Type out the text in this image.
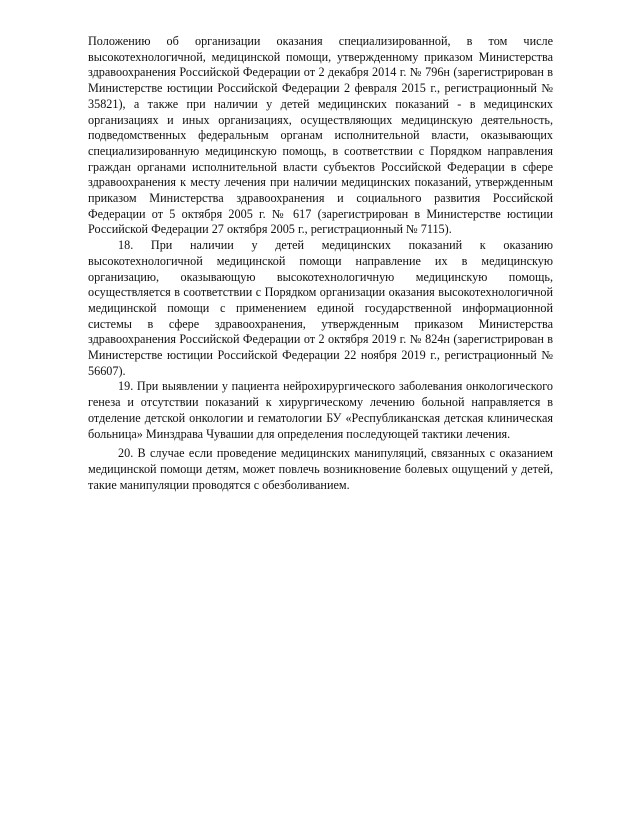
Положению об организации оказания специализированной, в том числе высокотехнологичной, медицинской помощи, утвержденному приказом Министерства здравоохранения Российской Федерации от 2 декабря 2014 г. № 796н (зарегистрирован в Министерстве юстиции Российской Федерации 2 февраля 2015 г., регистрационный № 35821), а также при наличии у детей медицинских показаний - в медицинских организациях и иных организациях, осуществляющих медицинскую деятельность, подведомственных федеральным органам исполнительной власти, оказывающих специализированную медицинскую помощь, в соответствии с Порядком направления граждан органами исполнительной власти субъектов Российской Федерации в сфере здравоохранения к месту лечения при наличии медицинских показаний, утвержденным приказом Министерства здравоохранения и социального развития Российской Федерации от 5 октября 2005 г. № 617 (зарегистрирован в Министерстве юстиции Российской Федерации 27 октября 2005 г., регистрационный № 7115).

18. При наличии у детей медицинских показаний к оказанию высокотехнологичной медицинской помощи направление их в медицинскую организацию, оказывающую высокотехнологичную медицинскую помощь, осуществляется в соответствии с Порядком организации оказания высокотехнологичной медицинской помощи с применением единой государственной информационной системы в сфере здравоохранения, утвержденным приказом Министерства здравоохранения Российской Федерации от 2 октября 2019 г. № 824н (зарегистрирован в Министерстве юстиции Российской Федерации 22 ноября 2019 г., регистрационный № 56607).

19. При выявлении у пациента нейрохирургического заболевания онкологического генеза и отсутствии показаний к хирургическому лечению больной направляется в отделение детской онкологии и гематологии БУ «Республиканская детская клиническая больница» Минздрава Чувашии для определения последующей тактики лечения.

20. В случае если проведение медицинских манипуляций, связанных с оказанием медицинской помощи детям, может повлечь возникновение болевых ощущений у детей, такие манипуляции проводятся с обезболиванием.
